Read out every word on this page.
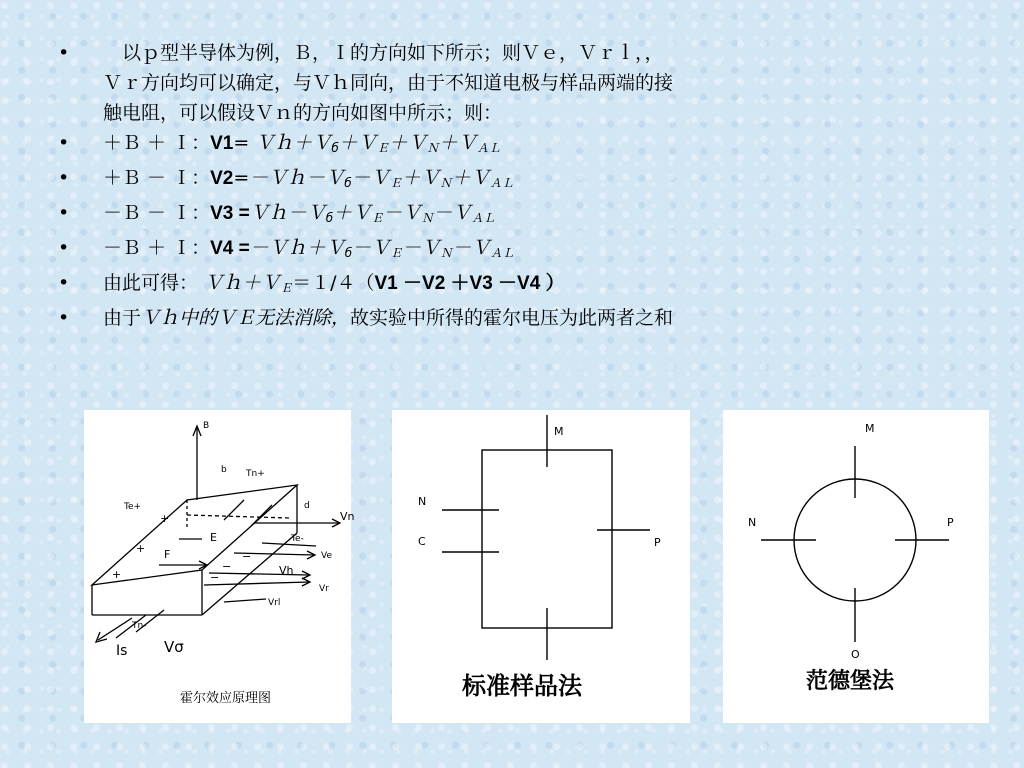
• 　以ｐ型半导体为例，Ｂ，Ｉ的方向如下所示；则Ｖｅ，Ｖｒｌ，，
Ｖｒ方向均可以确定，与Ｖｈ同向，由于不知道电极与样品两端的接
触电阻，可以假设Ｖｎ的方向如图中所示；则：
• ＋Ｂ ＋ Ｉ：V1= Ｖｈ＋Ｖ$_б$＋Ｖ$_E$＋Ｖ$_N$＋Ｖ$_{AL}$
• ＋Ｂ － Ｉ：V2=－Ｖｈ－Ｖ$_б$－Ｖ$_E$＋Ｖ$_N$＋Ｖ$_{AL}$
• －Ｂ － Ｉ：V3 =Ｖｈ－Ｖ$_б$＋Ｖ$_E$－Ｖ$_N$－Ｖ$_{AL}$
• －Ｂ ＋ Ｉ：V4 =－Ｖｈ＋Ｖ$_б$－Ｖ$_E$－Ｖ$_N$－Ｖ$_{AL}$
• 由此可得： Ｖｈ＋Ｖ$_E$＝１/４（V1 －V2 ＋V3 －V4 ）
• 由于Ｖｈ中的ＶＥ无法消除，故实验中所得的霍尔电压为此两者之和
B
b Tn+
Te+	d
Vn
E	Te-
Ve
F
Vh
Vr
Vrl
Tn-
Is Vσ
+
+
+
−
−
−
霍尔效应原理图
M
N
C	P
标准样品法
M
N	P
O
范德堡法
